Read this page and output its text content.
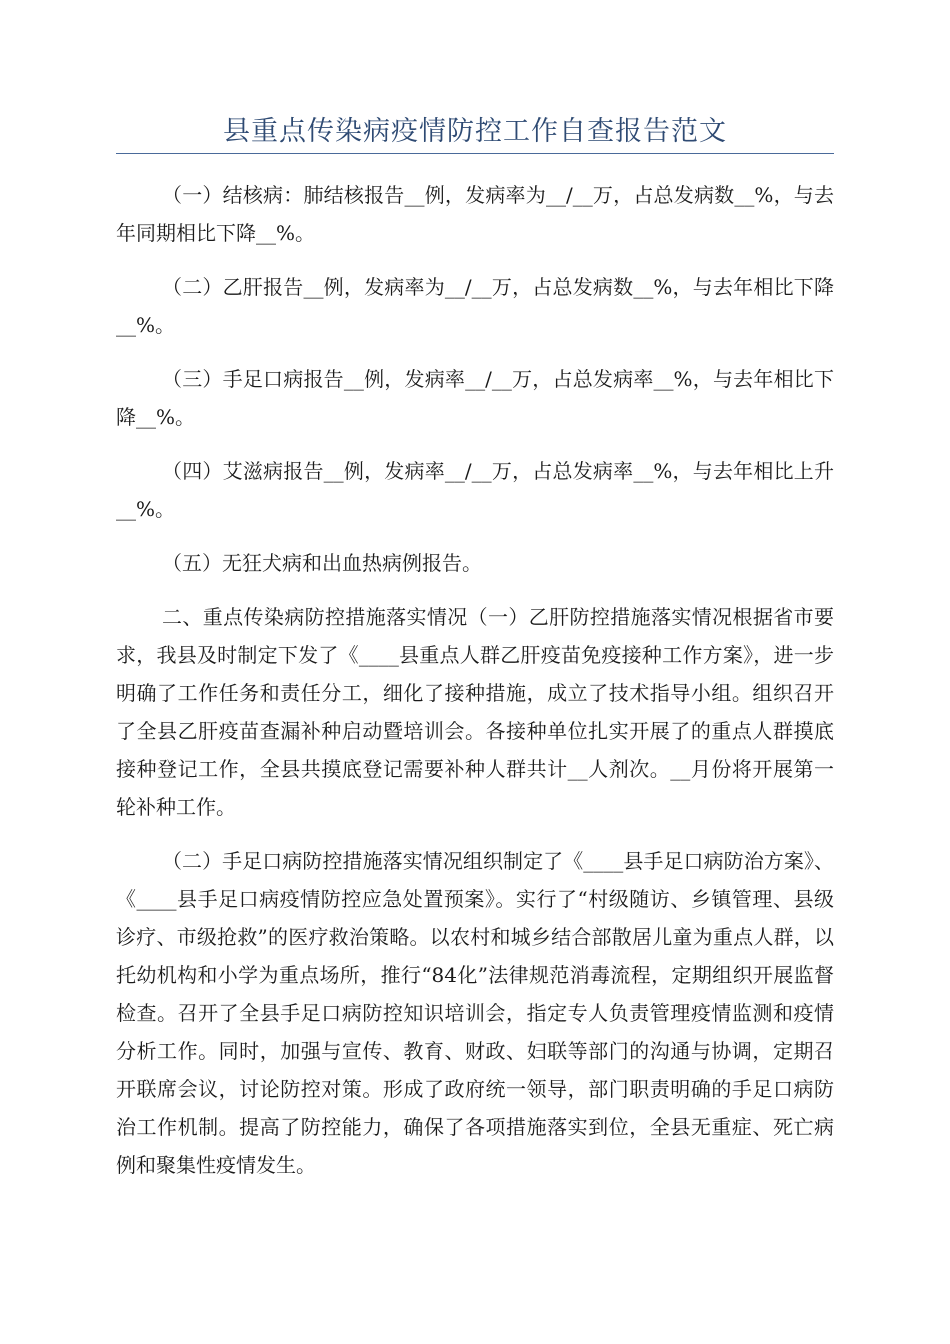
县重点传染病疫情防控工作自查报告范文

（一）结核病：肺结核报告__例，发病率为__/__万，占总发病数__%，与去年同期相比下降__%。

（二）乙肝报告__例，发病率为__/__万，占总发病数__%，与去年相比下降__%。

（三）手足口病报告__例，发病率__/__万，占总发病率__%，与去年相比下降__%。

（四）艾滋病报告__例，发病率__/__万，占总发病率__%，与去年相比上升__%。

（五）无狂犬病和出血热病例报告。

二、重点传染病防控措施落实情况（一）乙肝防控措施落实情况根据省市要求，我县及时制定下发了《____县重点人群乙肝疫苗免疫接种工作方案》，进一步明确了工作任务和责任分工，细化了接种措施，成立了技术指导小组。组织召开了全县乙肝疫苗查漏补种启动暨培训会。各接种单位扎实开展了的重点人群摸底接种登记工作，全县共摸底登记需要补种人群共计__人剂次。__月份将开展第一轮补种工作。

（二）手足口病防控措施落实情况组织制定了《____县手足口病防治方案》、《____县手足口病疫情防控应急处置预案》。实行了“村级随访、乡镇管理、县级诊疗、市级抢救”的医疗救治策略。以农村和城乡结合部散居儿童为重点人群，以托幼机构和小学为重点场所，推行“84化”法律规范消毒流程，定期组织开展监督检查。召开了全县手足口病防控知识培训会，指定专人负责管理疫情监测和疫情分析工作。同时，加强与宣传、教育、财政、妇联等部门的沟通与协调，定期召开联席会议，讨论防控对策。形成了政府统一领导，部门职责明确的手足口病防治工作机制。提高了防控能力，确保了各项措施落实到位，全县无重症、死亡病例和聚集性疫情发生。
